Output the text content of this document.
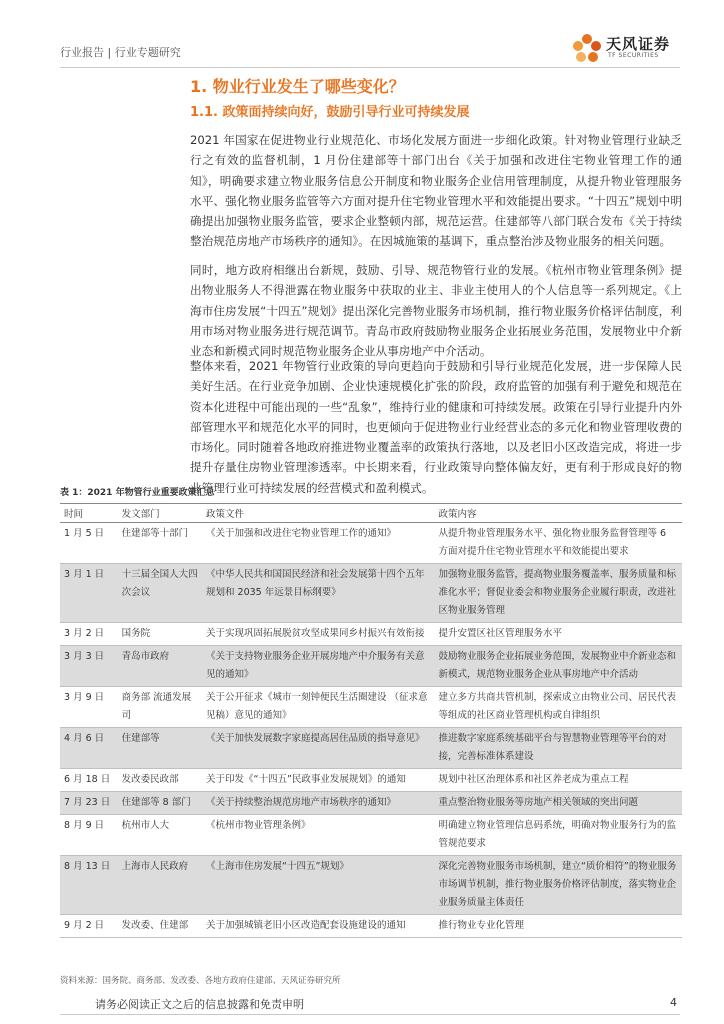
行业报告 | 行业专题研究	天风证券
TF SECURITIES
1. 物业行业发生了哪些变化？
1.1. 政策面持续向好，鼓励引导行业可持续发展
2021 年国家在促进物业行业规范化、市场化发展方面进一步细化政策。针对物业管理行业缺乏行之有效的监督机制，1 月份住建部等十部门出台《关于加强和改进住宅物业管理工作的通知》，明确要求建立物业服务信息公开制度和物业服务企业信用管理制度，从提升物业管理服务水平、强化物业服务监管等六方面对提升住宅物业管理水平和效能提出要求。“十四五”规划中明确提出加强物业服务监管，要求企业整顿内部，规范运营。住建部等八部门联合发布《关于持续整治规范房地产市场秩序的通知》。在因城施策的基调下，重点整治涉及物业服务的相关问题。
同时，地方政府相继出台新规，鼓励、引导、规范物管行业的发展。《杭州市物业管理条例》提出物业服务人不得泄露在物业服务中获取的业主、非业主使用人的个人信息等一系列规定。《上海市住房发展“十四五”规划》提出深化完善物业服务市场机制，推行物业服务价格评估制度，利用市场对物业服务进行规范调节。青岛市政府鼓励物业服务企业拓展业务范围，发展物业中介新业态和新模式同时规范物业服务企业从事房地产中介活动。
整体来看，2021 年物管行业政策的导向更趋向于鼓励和引导行业规范化发展，进一步保障人民美好生活。在行业竞争加剧、企业快速规模化扩张的阶段，政府监管的加强有利于避免和规范在资本化进程中可能出现的一些“乱象”，维持行业的健康和可持续发展。政策在引导行业提升内外部管理水平和规范化水平的同时，也更倾向于促进物业行业经营业态的多元化和物业管理收费的市场化。同时随着各地政府推进物业覆盖率的政策执行落地，以及老旧小区改造完成，将进一步提升存量住房物业管理渗透率。中长期来看，行业政策导向整体偏友好，更有利于形成良好的物业管理行业可持续发展的经营模式和盈利模式。
表 1：2021 年物管行业重要政策汇总
时间	发文部门	政策文件	政策内容
1 月 5 日	住建部等十部门	《关于加强和改进住宅物业管理工作的通知》	从提升物业管理服务水平、强化物业服务监督管理等 6 方面对提升住宅物业管理水平和效能提出要求
3 月 1 日	十三届全国人大四次会议	《中华人民共和国国民经济和社会发展第十四个五年规划和 2035 年远景目标纲要》	加强物业服务监管，提高物业服务覆盖率、服务质量和标准化水平；督促业委会和物业服务企业履行职责，改进社区物业服务管理
3 月 2 日	国务院	关于实现巩固拓展脱贫攻坚成果同乡村振兴有效衔接	提升安置区社区管理服务水平
3 月 3 日	青岛市政府	《关于支持物业服务企业开展房地产中介服务有关意见的通知》	鼓励物业服务企业拓展业务范围，发展物业中介新业态和新模式，规范物业服务企业从事房地产中介活动
3 月 9 日	商务部 流通发展司	关于公开征求《城市一刻钟便民生活圈建设 （征求意见稿）意见的通知》	建立多方共商共管机制，探索成立由物业公司、居民代表等组成的社区商业管理机构或自律组织
4 月 6 日	住建部等	《关于加快发展数字家庭提高居住品质的指导意见》	推进数字家庭系统基础平台与智慧物业管理等平台的对接，完善标准体系建设
6 月 18 日	发改委民政部	关于印发《“十四五”民政事业发展规划》的通知	规划中社区治理体系和社区养老成为重点工程
7 月 23 日	住建部等 8 部门	《关于持续整治规范房地产市场秩序的通知》	重点整治物业服务等房地产相关领域的突出问题
8 月 9 日	杭州市人大	《杭州市物业管理条例》	明确建立物业管理信息码系统，明确对物业服务行为的监管规范要求
8 月 13 日	上海市人民政府	《上海市住房发展“十四五”规划》	深化完善物业服务市场机制，建立“质价相符”的物业服务市场调节机制，推行物业服务价格评估制度，落实物业企业服务质量主体责任
9 月 2 日	发改委、住建部	关于加强城镇老旧小区改造配套设施建设的通知	推行物业专业化管理
资料来源：国务院、商务部、发改委、各地方政府住建部、天风证券研究所
请务必阅读正文之后的信息披露和免责申明	4
